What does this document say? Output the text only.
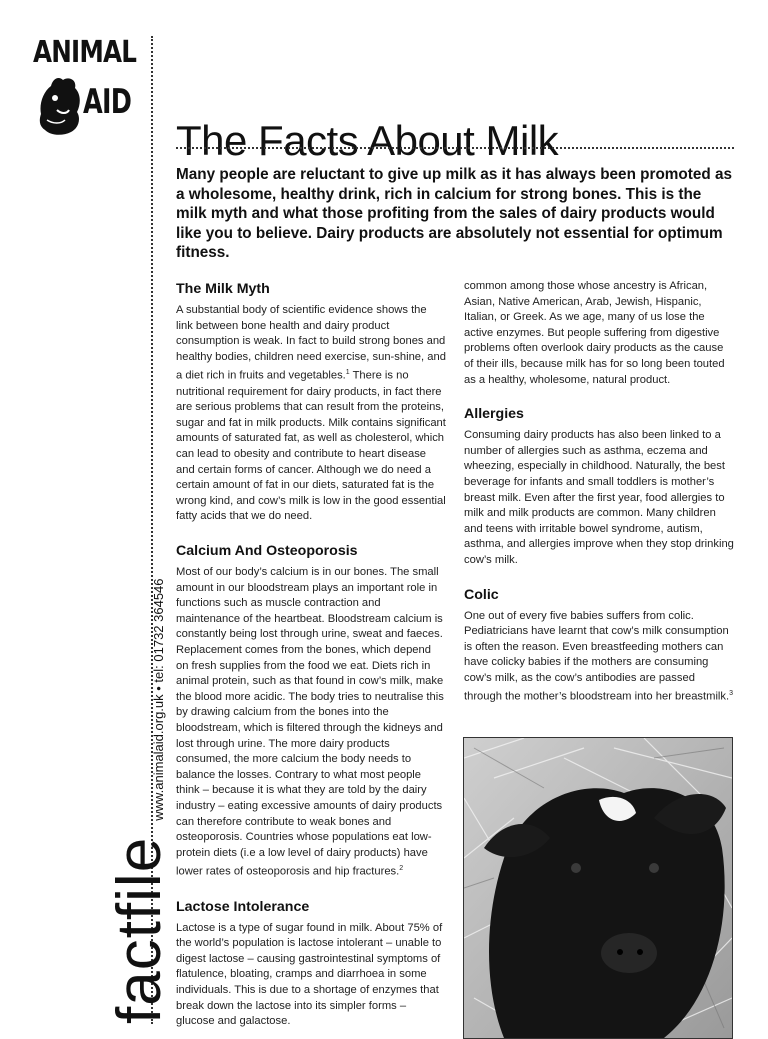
ANIMAL
AID
The Facts About Milk

Many people are reluctant to give up milk as it has always been promoted as a wholesome, healthy drink, rich in calcium for strong bones. This is the milk myth and what those profiting from the sales of dairy products would like you to believe. Dairy products are absolutely not essential for optimum fitness.

factfilewww.animalaid.org.uk • tel: 01732 364546
The Milk Myth

A substantial body of scientific evidence shows the link between bone health and dairy product consumption is weak. In fact to build strong bones and healthy bodies, children need exercise, sun-shine, and a diet rich in fruits and vegetables.$^1$ There is no nutritional requirement for dairy products, in fact there are serious problems that can result from the proteins, sugar and fat in milk products. Milk contains significant amounts of saturated fat, as well as cholesterol, which can lead to obesity and contribute to heart disease and certain forms of cancer. Although we do need a certain amount of fat in our diets, saturated fat is the wrong kind, and cow’s milk is low in the good essential fatty acids that we do need.

Calcium And Osteoporosis

Most of our body’s calcium is in our bones. The small amount in our bloodstream plays an important role in functions such as muscle contraction and maintenance of the heartbeat. Bloodstream calcium is constantly being lost through urine, sweat and faeces. Replacement comes from the bones, which depend on fresh supplies from the food we eat. Diets rich in animal protein, such as that found in cow’s milk, make the blood more acidic. The body tries to neutralise this by drawing calcium from the bones into the bloodstream, which is filtered through the kidneys and lost through urine. The more dairy products consumed, the more calcium the body needs to balance the losses. Contrary to what most people think – because it is what they are told by the dairy industry – eating excessive amounts of dairy products can therefore contribute to weak bones and osteoporosis. Countries whose populations eat low-protein diets (i.e a low level of dairy products) have lower rates of osteoporosis and hip fractures.$^2$

Lactose Intolerance

Lactose is a type of sugar found in milk. About 75% of the world’s population is lactose intolerant – unable to digest lactose – causing gastrointestinal symptoms of flatulence, bloating, cramps and diarrhoea in some individuals. This is due to a shortage of enzymes that break down the lactose into its simpler forms – glucose and galactose.

common among those whose ancestry is African, Asian, Native American, Arab, Jewish, Hispanic, Italian, or Greek. As we age, many of us lose the active enzymes. But people suffering from digestive problems often overlook dairy products as the cause of their ills, because milk has for so long been touted as a healthy, wholesome, natural product.

Allergies

Consuming dairy products has also been linked to a number of allergies such as asthma, eczema and wheezing, especially in childhood. Naturally, the best beverage for infants and small toddlers is mother’s breast milk. Even after the first year, food allergies to milk and milk products are common. Many children and teens with irritable bowel syndrome, autism, asthma, and allergies improve when they stop drinking cow’s milk.

Colic

One out of every five babies suffers from colic. Pediatricians have learnt that cow’s milk consumption is often the reason. Even breastfeeding mothers can have colicky babies if the mothers are consuming cow’s milk, as the cow’s antibodies are passed through the mother’s bloodstream into her breastmilk.$^3$
